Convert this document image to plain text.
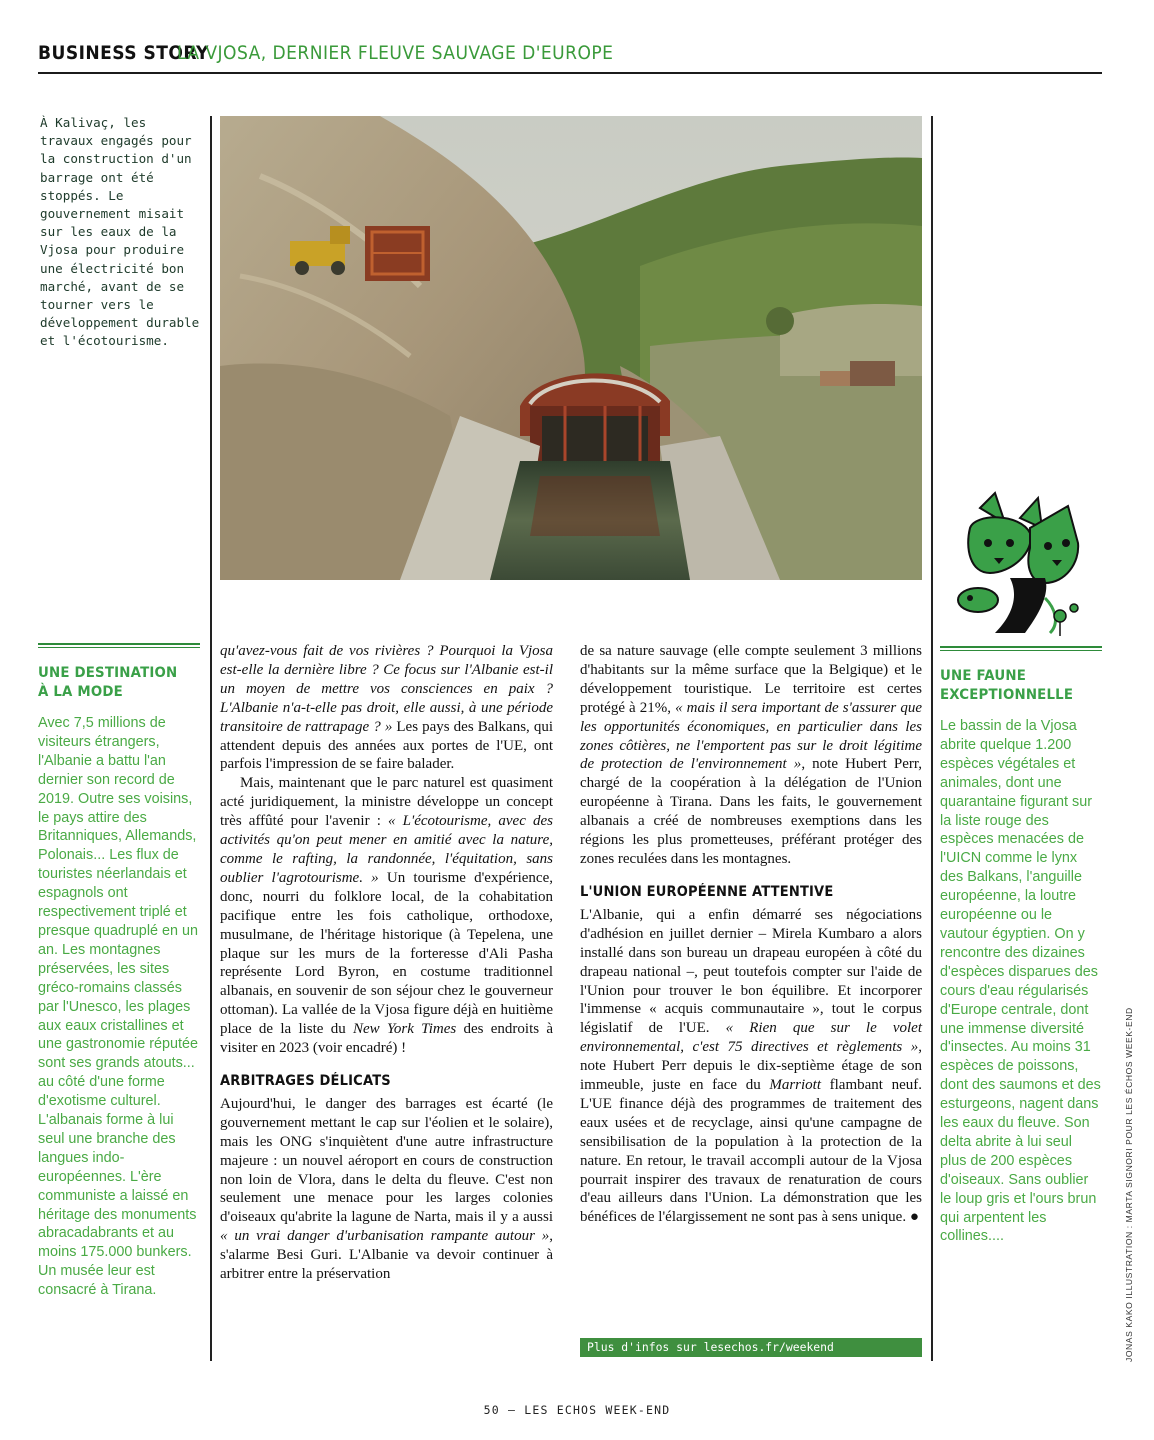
BUSINESS STORY
LA VJOSA, DERNIER FLEUVE SAUVAGE D'EUROPE
À Kalivaç, les travaux engagés pour la construction d'un barrage ont été stoppés. Le gouvernement misait sur les eaux de la Vjosa pour produire une électricité bon marché, avant de se tourner vers le développement durable et l'écotourisme.
UNE DESTINATION
À LA MODE

Avec 7,5 millions de visiteurs étrangers, l'Albanie a battu l'an dernier son record de 2019. Outre ses voisins, le pays attire des Britanniques, Allemands, Polonais... Les flux de touristes néerlandais et espagnols ont respectivement triplé et presque quadruplé en un an. Les montagnes préservées, les sites gréco-romains classés par l'Unesco, les plages aux eaux cristallines et une gastronomie réputée sont ses grands atouts... au côté d'une forme d'exotisme culturel. L'albanais forme à lui seul une branche des langues indo-européennes. L'ère communiste a laissé en héritage des monuments abracadabrants et au moins 175.000 bunkers. Un musée leur est consacré à Tirana.

UNE FAUNE
EXCEPTIONNELLE

Le bassin de la Vjosa abrite quelque 1.200 espèces végétales et animales, dont une quarantaine figurant sur la liste rouge des espèces menacées de l'UICN comme le lynx des Balkans, l'anguille européenne, la loutre européenne ou le vautour égyptien. On y rencontre des dizaines d'espèces disparues des cours d'eau régularisés d'Europe centrale, dont une immense diversité d'insectes. Au moins 31 espèces de poissons, dont des saumons et des esturgeons, nagent dans les eaux du fleuve. Son delta abrite à lui seul plus de 200 espèces d'oiseaux. Sans oublier le loup gris et l'ours brun qui arpentent les collines....

qu'avez-vous fait de vos rivières ? Pourquoi la Vjosa est-elle la dernière libre ? Ce focus sur l'Albanie est-il un moyen de mettre vos consciences en paix ? L'Albanie n'a-t-elle pas droit, elle aussi, à une période transitoire de rattrapage ? » Les pays des Balkans, qui attendent depuis des années aux portes de l'UE, ont parfois l'impression de se faire balader.

Mais, maintenant que le parc naturel est quasiment acté juridiquement, la ministre développe un concept très affûté pour l'avenir : « L'écotourisme, avec des activités qu'on peut mener en amitié avec la nature, comme le rafting, la randonnée, l'équitation, sans oublier l'agrotourisme. » Un tourisme d'expérience, donc, nourri du folklore local, de la cohabitation pacifique entre les fois catholique, orthodoxe, musulmane, de l'héritage historique (à Tepelena, une plaque sur les murs de la forteresse d'Ali Pasha représente Lord Byron, en costume traditionnel albanais, en souvenir de son séjour chez le gouverneur ottoman). La vallée de la Vjosa figure déjà en huitième place de la liste du New York Times des endroits à visiter en 2023 (voir encadré) !

ARBITRAGES DÉLICATS

Aujourd'hui, le danger des barrages est écarté (le gouvernement mettant le cap sur l'éolien et le solaire), mais les ONG s'inquiètent d'une autre infrastructure majeure : un nouvel aéroport en cours de construction non loin de Vlora, dans le delta du fleuve. C'est non seulement une menace pour les larges colonies d'oiseaux qu'abrite la lagune de Narta, mais il y a aussi « un vrai danger d'urbanisation rampante autour », s'alarme Besi Guri. L'Albanie va devoir continuer à arbitrer entre la préservation

de sa nature sauvage (elle compte seulement 3 millions d'habitants sur la même surface que la Belgique) et le développement touristique. Le territoire est certes protégé à 21%, « mais il sera important de s'assurer que les opportunités économiques, en particulier dans les zones côtières, ne l'emportent pas sur le droit légitime de protection de l'environnement », note Hubert Perr, chargé de la coopération à la délégation de l'Union européenne à Tirana. Dans les faits, le gouvernement albanais a créé de nombreuses exemptions dans les régions les plus prometteuses, préférant protéger des zones reculées dans les montagnes.

L'UNION EUROPÉENNE ATTENTIVE

L'Albanie, qui a enfin démarré ses négociations d'adhésion en juillet dernier – Mirela Kumbaro a alors installé dans son bureau un drapeau européen à côté du drapeau national –, peut toutefois compter sur l'aide de l'Union pour trouver le bon équilibre. Et incorporer l'immense « acquis communautaire », tout le corpus législatif de l'UE. « Rien que sur le volet environnemental, c'est 75 directives et règlements », note Hubert Perr depuis le dix-septième étage de son immeuble, juste en face du Marriott flambant neuf. L'UE finance déjà des programmes de traitement des eaux usées et de recyclage, ainsi qu'une campagne de sensibilisation de la population à la protection de la nature. En retour, le travail accompli autour de la Vjosa pourrait inspirer des travaux de renaturation de cours d'eau ailleurs dans l'Union. La démonstration que les bénéfices de l'élargissement ne sont pas à sens unique. ●

Plus d'infos sur lesechos.fr/weekend	JONAS KAKO ILLUSTRATION : MARTA SIGNORI POUR LES ÉCHOS WEEK-END
50 – LES ECHOS WEEK-END
